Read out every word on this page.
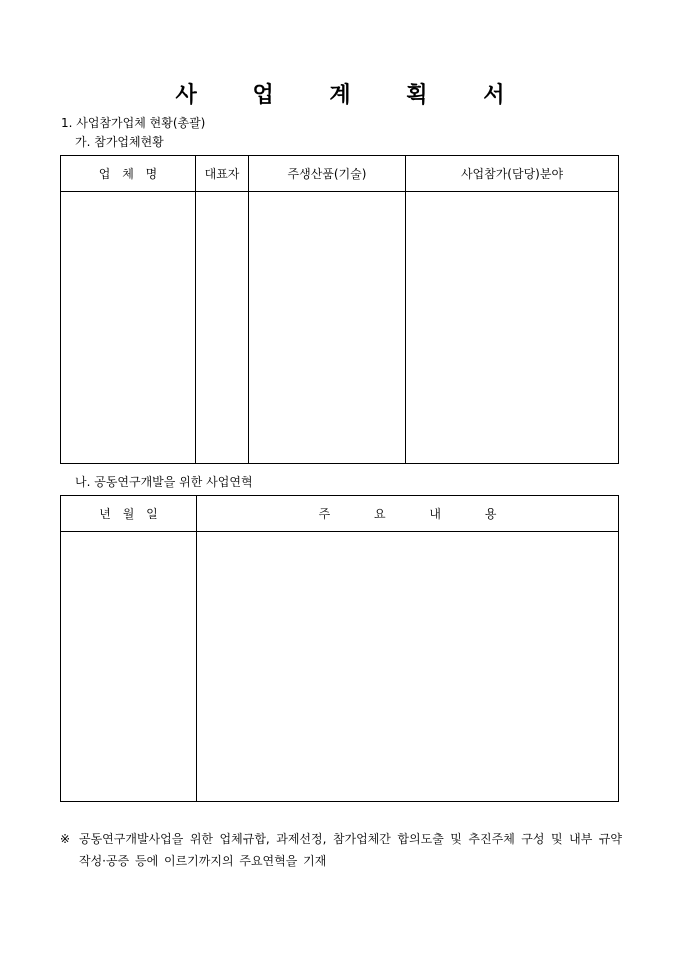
사 업 계 획 서

1. 사업참가업체 현황(총괄)

가. 참가업체현황

업 체 명	대표자	주생산품(기술)	사업참가(담당)분야

나. 공동연구개발을 위한 사업연혁

년 월 일	주 요 내 용

※ 공동연구개발사업을 위한 업체규합, 과제선정, 참가업체간 합의도출 및 추진주체 구성 및 내부 규약 작성·공증 등에 이르기까지의 주요연혁을 기재
